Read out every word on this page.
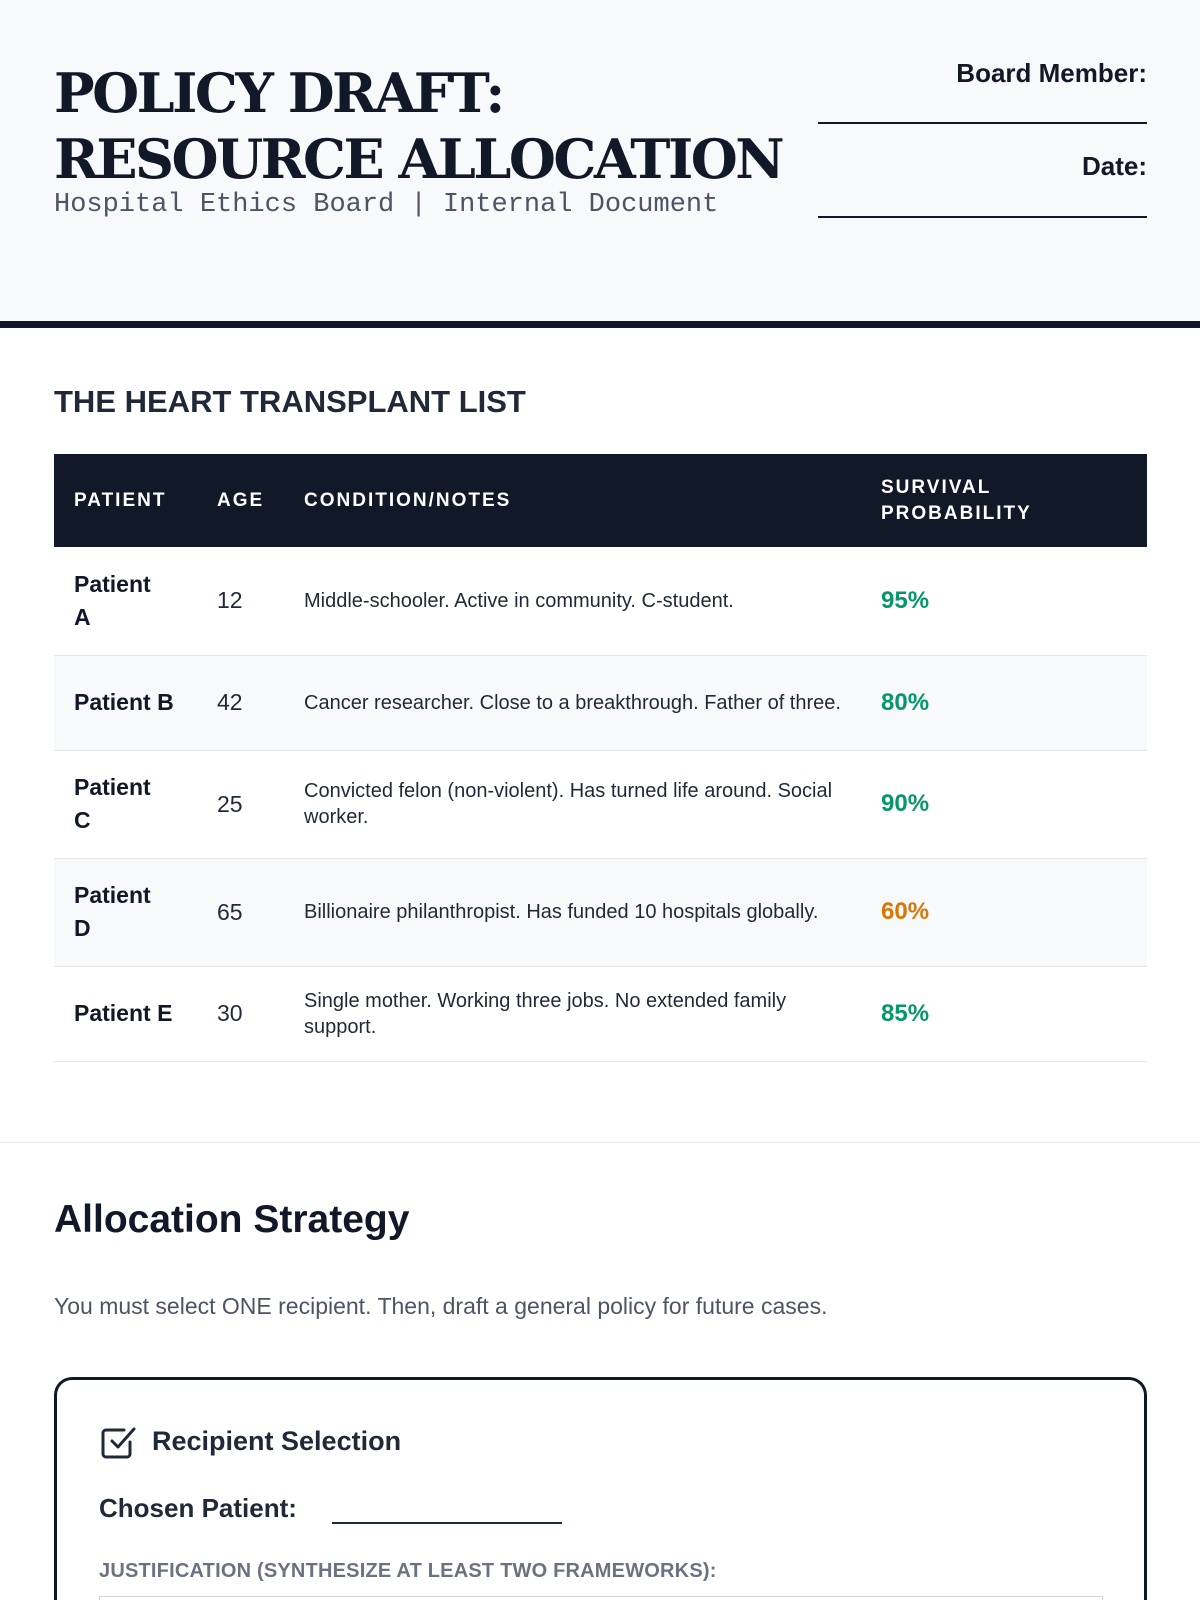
POLICY DRAFT:
RESOURCE ALLOCATION
Hospital Ethics Board | Internal Document
Board Member:
Date:
THE HEART TRANSPLANT LIST
PATIENT	AGE	CONDITION/NOTES	SURVIVAL PROBABILITY
Patient A	12	Middle-schooler. Active in community. C-student.	95%
Patient B	42	Cancer researcher. Close to a breakthrough. Father of three.	80%
Patient C	25	Convicted felon (non-violent). Has turned life around. Social worker.	90%
Patient D	65	Billionaire philanthropist. Has funded 10 hospitals globally.	60%
Patient E	30	Single mother. Working three jobs. No extended family support.	85%
Allocation Strategy
You must select ONE recipient. Then, draft a general policy for future cases.
Recipient Selection
Chosen Patient:
JUSTIFICATION (SYNTHESIZE AT LEAST TWO FRAMEWORKS):
